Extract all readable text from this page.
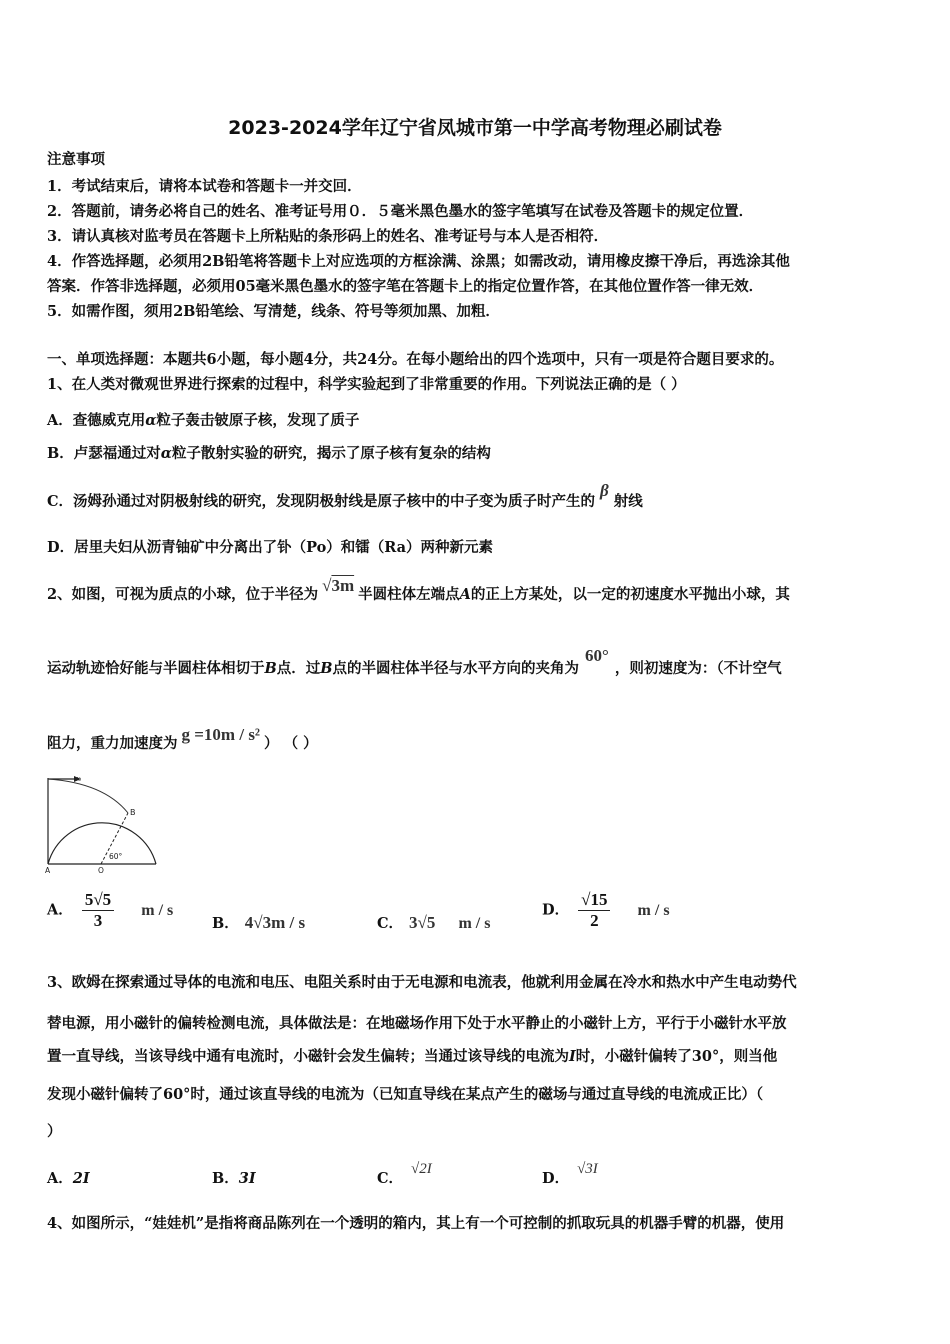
2023-2024学年辽宁省凤城市第一中学高考物理必刷试卷
注意事项
1．考试结束后，请将本试卷和答题卡一并交回．
2．答题前，请务必将自己的姓名、准考证号用０．５毫米黑色墨水的签字笔填写在试卷及答题卡的规定位置．
3．请认真核对监考员在答题卡上所粘贴的条形码上的姓名、准考证号与本人是否相符．
4．作答选择题，必须用2B铅笔将答题卡上对应选项的方框涂满、涂黑；如需改动，请用橡皮擦干净后，再选涂其他
答案．作答非选择题，必须用05毫米黑色墨水的签字笔在答题卡上的指定位置作答，在其他位置作答一律无效．
5．如需作图，须用2B铅笔绘、写清楚，线条、符号等须加黑、加粗．
一、单项选择题：本题共6小题，每小题4分，共24分。在每小题给出的四个选项中，只有一项是符合题目要求的。
1、在人类对微观世界进行探索的过程中，科学实验起到了非常重要的作用。下列说法正确的是（ ）
A．查德威克用α粒子轰击铍原子核，发现了质子
B．卢瑟福通过对α粒子散射实验的研究，揭示了原子核有复杂的结构
C．汤姆孙通过对阴极射线的研究，发现阴极射线是原子核中的中子变为质子时产生的β射线
D．居里夫妇从沥青铀矿中分离出了钋（Po）和镭（Ra）两种新元素
2、如图，可视为质点的小球，位于半径为 √3m 半圆柱体左端点A的正上方某处，以一定的初速度水平抛出小球，其
运动轨迹恰好能与半圆柱体相切于B点．过B点的半圆柱体半径与水平方向的夹角为60°，则初速度为：（不计空气
阻力，重力加速度为 g =10m / s² ） （ ）
v₀
B
60°
A	O
A． $\frac{5√5}{3}$ m / s
B． 4√3m / s	C． 3√5 m / s
D． $\frac{√15}{2}$ m / s
3、欧姆在探索通过导体的电流和电压、电阻关系时由于无电源和电流表，他就利用金属在冷水和热水中产生电动势代
替电源，用小磁针的偏转检测电流，具体做法是：在地磁场作用下处于水平静止的小磁针上方，平行于小磁针水平放
置一直导线，当该导线中通有电流时，小磁针会发生偏转；当通过该导线的电流为I时，小磁针偏转了30°，则当他
发现小磁针偏转了60°时，通过该直导线的电流为（已知直导线在某点产生的磁场与通过直导线的电流成正比）（
）
A．2I	B．3I	C．√2I
D．√3I
4、如图所示，“娃娃机”是指将商品陈列在一个透明的箱内，其上有一个可控制的抓取玩具的机器手臂的机器，使用
